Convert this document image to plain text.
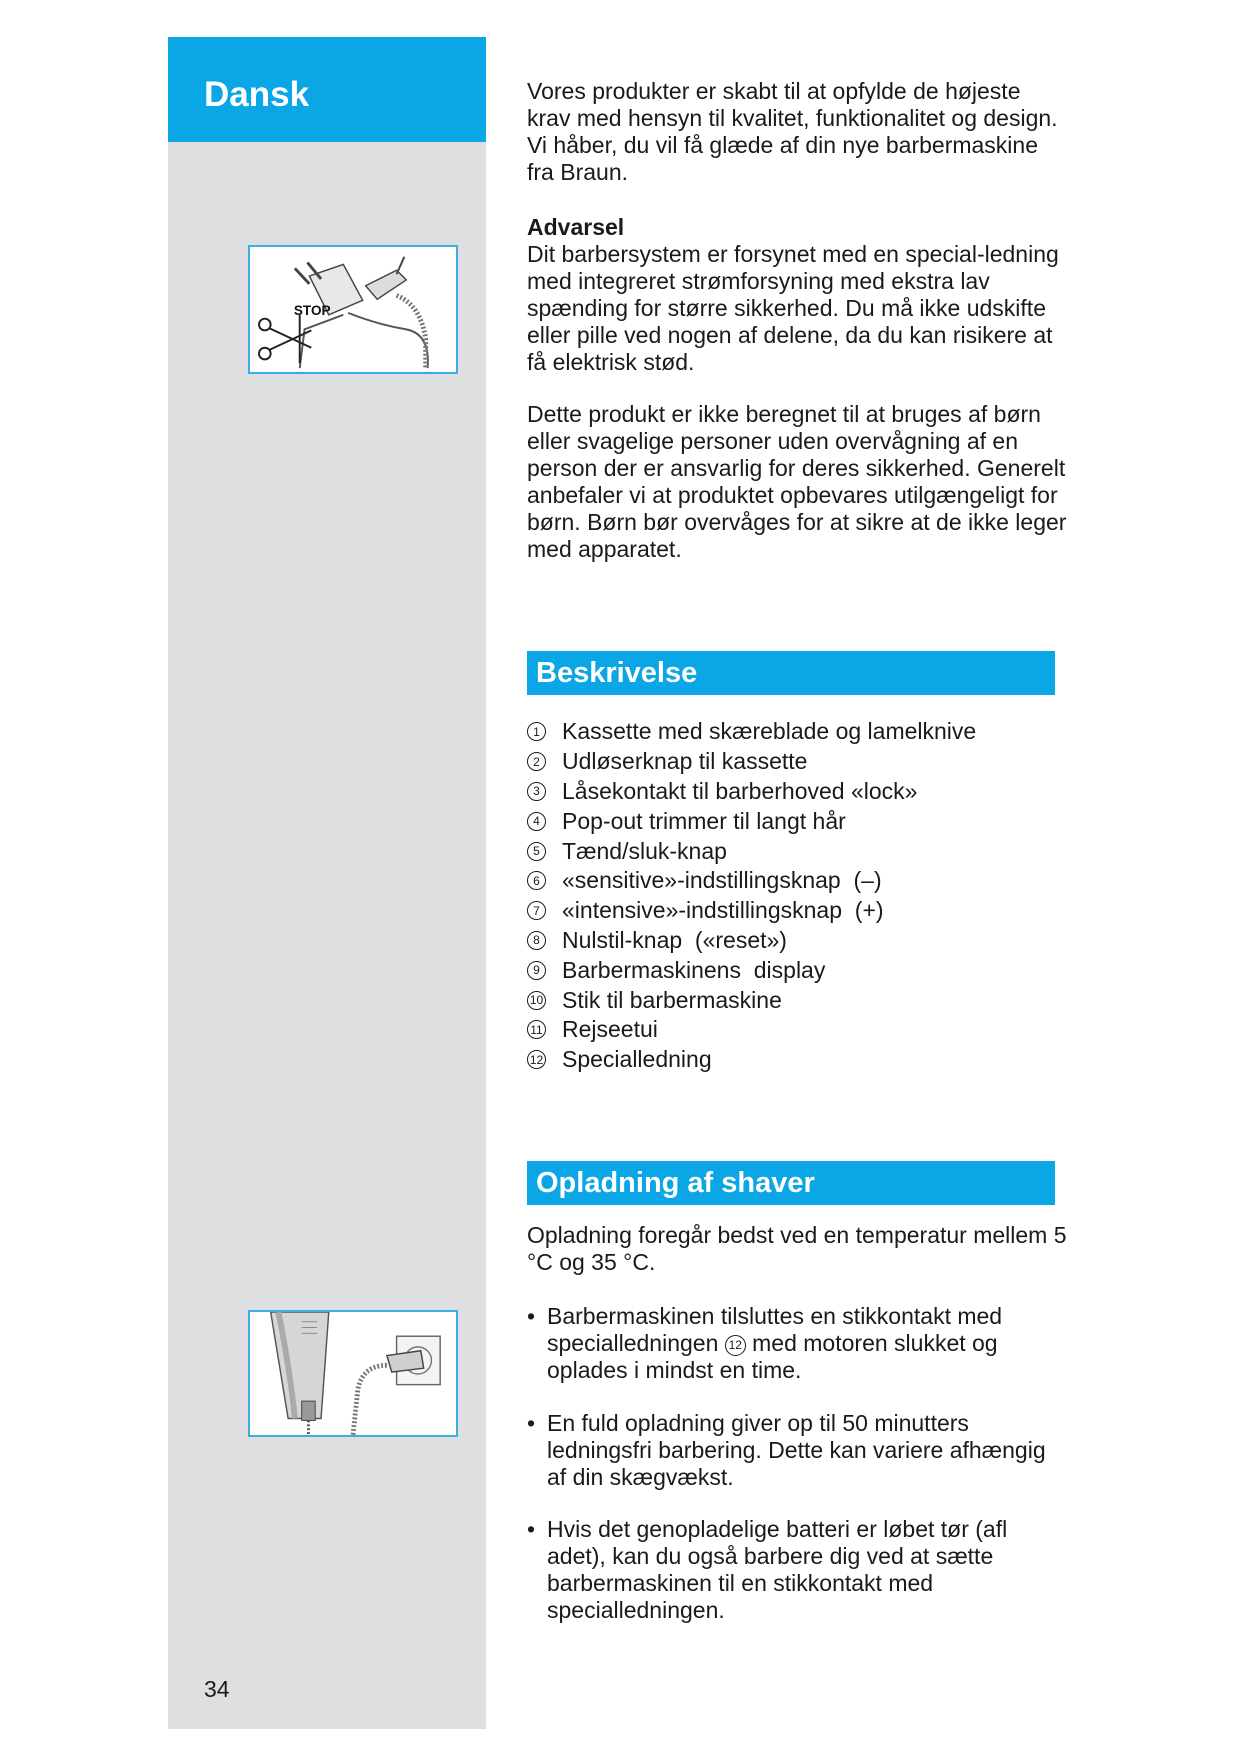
Dansk
STOP
34

Vores produkter er skabt til at opfylde de højeste krav med hensyn til kvalitet, funktionalitet og design. Vi håber, du vil få glæde af din nye barbermaskine fra Braun.

Advarsel

Dit barbersystem er forsynet med en special-ledning med integreret strømforsyning med ekstra lav spænding for større sikkerhed. Du må ikke udskifte eller pille ved nogen af delene, da du kan risikere at få elektrisk stød.

Dette produkt er ikke beregnet til at bruges af børn eller svagelige personer uden overvågning af en person der er ansvarlig for deres sikkerhed. Generelt anbefaler vi at produktet opbevares utilgængeligt for børn. Børn bør overvåges for at sikre at de ikke leger med apparatet.

Beskrivelse
1 Kassette med skæreblade og lamelknive
2 Udløserknap til kassette
3 Låsekontakt til barberhoved «lock»
4 Pop-out trimmer til langt hår
5 Tænd/sluk-knap
6 «sensitive»-indstillingsknap  (–)
7 «intensive»-indstillingsknap  (+)
8 Nulstil-knap  («reset»)
9 Barbermaskinens  display
10 Stik til barbermaskine
11 Rejseetui
12 Specialledning
Opladning af shaver

Opladning foregår bedst ved en temperatur mellem 5 °C og 35 °C.

• Barbermaskinen tilsluttes en stikkontakt med specialledningen 12 med motoren slukket og oplades i mindst en time.

• En fuld opladning giver op til 50 minutters ledningsfri barbering. Dette kan variere afhængig af din skægvækst.

• Hvis det genopladelige batteri er løbet tør (afl adet), kan du også barbere dig ved at sætte barbermaskinen til en stikkontakt med specialledningen.
